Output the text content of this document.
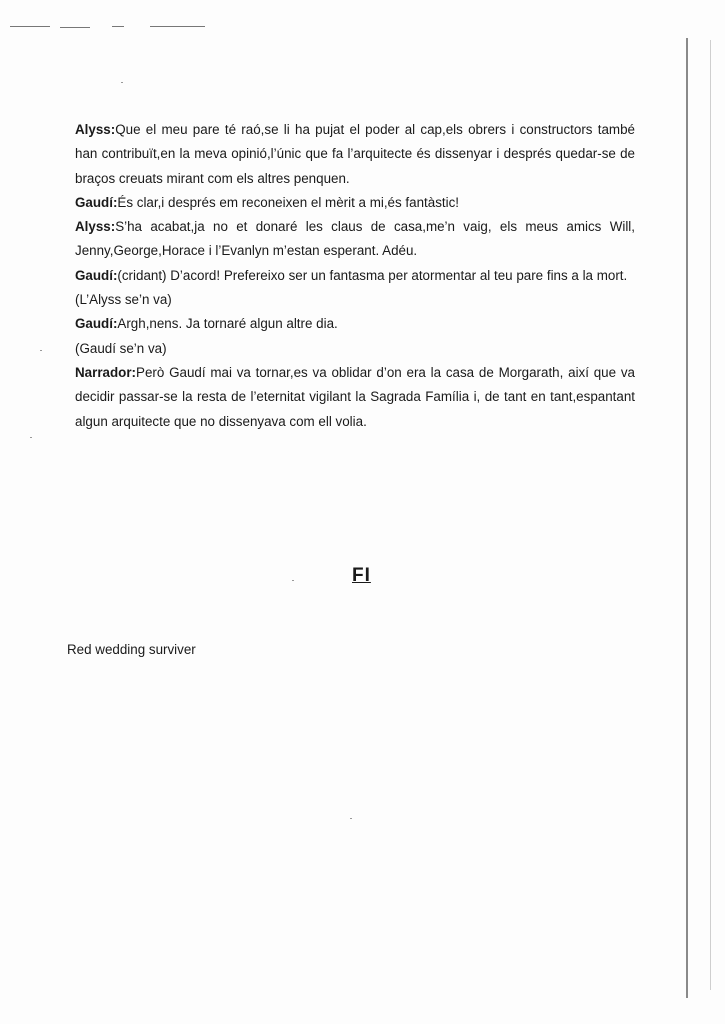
Alyss:Que el meu pare té raó,se li ha pujat el poder al cap,els obrers i constructors també han contribuït,en la meva opinió,l’únic que fa l’arquitecte és dissenyar i després quedar-se de braços creuats mirant com els altres penquen.

Gaudí:És clar,i després em reconeixen el mèrit a mi,és fantàstic!

Alyss:S’ha acabat,ja no et donaré les claus de casa,me’n vaig, els meus amics Will, Jenny,George,Horace i l’Evanlyn m’estan esperant. Adéu.

Gaudí:(cridant) D’acord! Prefereixo ser un fantasma per atormentar al teu pare fins a la mort.

(L’Alyss se’n va)

Gaudí:Argh,nens. Ja tornaré algun altre dia.

(Gaudí se’n va)

Narrador:Però Gaudí mai va tornar,es va oblidar d’on era la casa de Morgarath, així que va decidir passar-se la resta de l’eternitat vigilant la Sagrada Família i, de tant en tant,espantant algun arquitecte que no dissenyava com ell volia.

FI
Red wedding surviver
